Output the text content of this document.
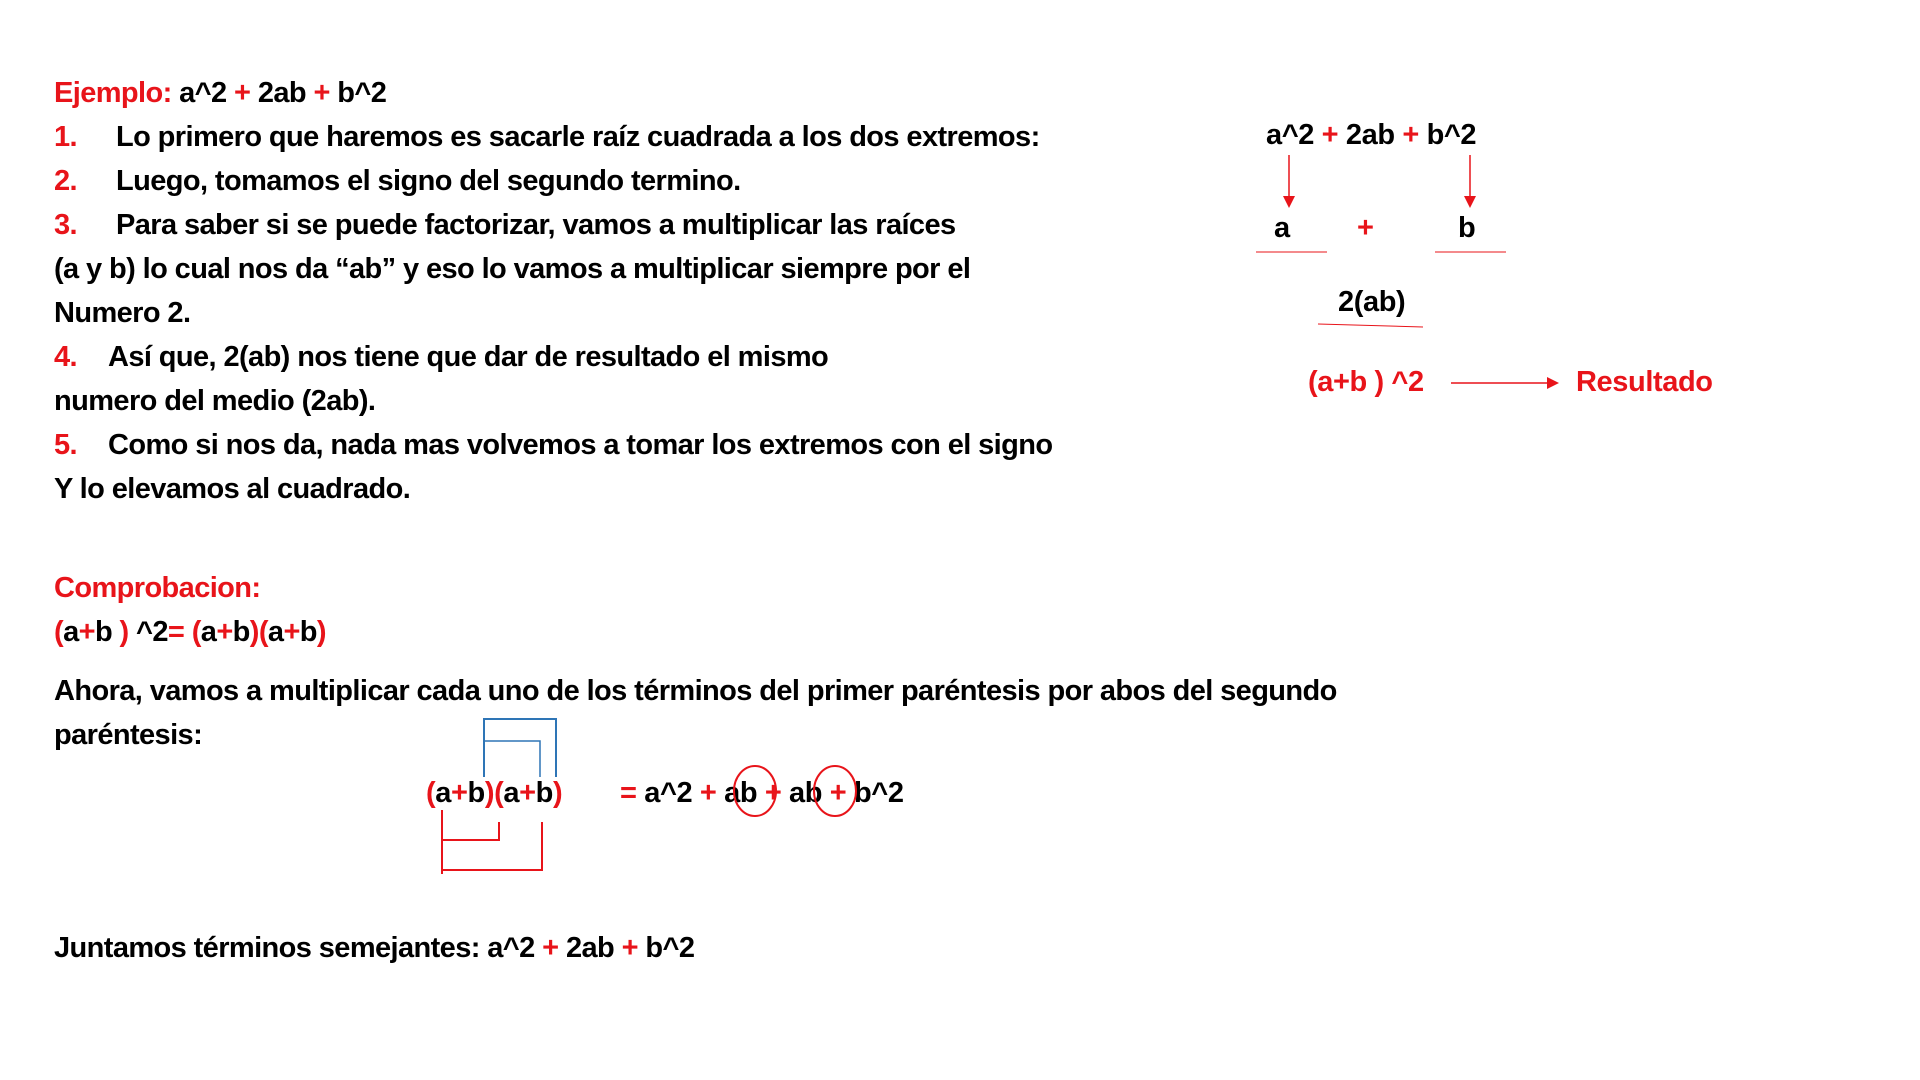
Ejemplo: a^2 + 2ab + b^2
1. Lo primero que haremos es sacarle raíz cuadrada a los dos extremos:
2. Luego, tomamos el signo del segundo termino.
3. Para saber si se puede factorizar, vamos a multiplicar las raíces
(a y b) lo cual nos da “ab” y eso lo vamos a multiplicar siempre por el
Numero 2.
4. Así que, 2(ab) nos tiene que dar de resultado el mismo
numero del medio (2ab).
5. Como si nos da, nada mas volvemos a tomar los extremos con el signo
Y lo elevamos al cuadrado.
a^2 + 2ab + b^2
a +	b
2(ab)
(a+b ) ^2	Resultado
Comprobacion:
(a+b ) ^2= (a+b)(a+b)
Ahora, vamos a multiplicar cada uno de los términos del primer paréntesis por abos del segundo
paréntesis:
(a+b)(a+b) = a^2 + ab + ab + b^2
Juntamos términos semejantes: a^2 + 2ab + b^2
